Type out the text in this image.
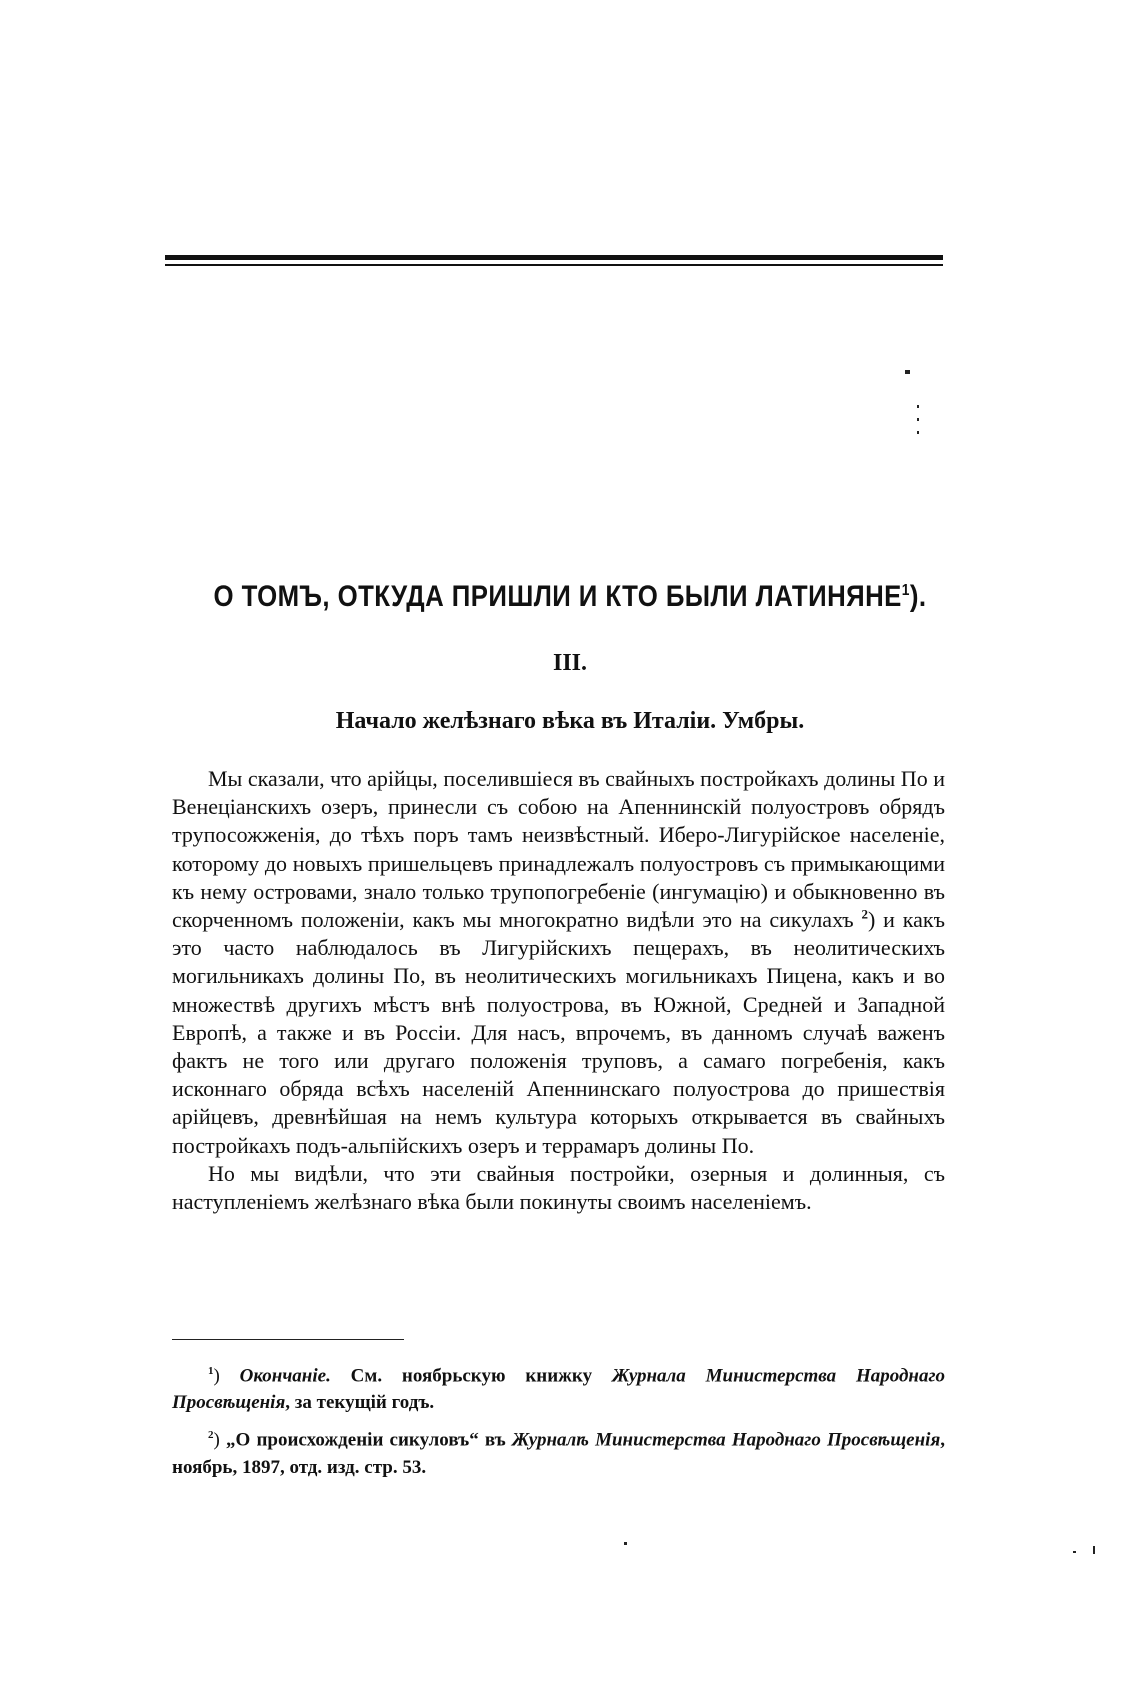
О ТОМЪ, ОТКУДА ПРИШЛИ И КТО БЫЛИ ЛАТИНЯНЕ$^1$).
III.
Начало желѣзнаго вѣка въ Италіи. Умбры.

Мы сказали, что арійцы, поселившіеся въ свайныхъ постройкахъ долины По и Венеціанскихъ озеръ, принесли съ собою на Апеннинскій полуостровъ обрядъ трупосожженія, до тѣхъ поръ тамъ неизвѣстный. Иберо-Лигурійское населеніе, которому до новыхъ пришельцевъ принадлежалъ полуостровъ съ примыкающими къ нему островами, знало только трупопогребеніе (ингумацію) и обыкновенно въ скорченномъ положеніи, какъ мы многократно видѣли это на сикулахъ $^2$) и какъ это часто наблюдалось въ Лигурійскихъ пещерахъ, въ неолитическихъ могильникахъ долины По, въ неолитическихъ могильникахъ Пицена, какъ и во множествѣ другихъ мѣстъ внѣ полуострова, въ Южной, Средней и Западной Европѣ, а также и въ Россіи. Для насъ, впрочемъ, въ данномъ случаѣ важенъ фактъ не того или другаго положенія труповъ, а самаго погребенія, какъ исконнаго обряда всѣхъ населеній Апеннинскаго полуострова до пришествія арійцевъ, древнѣйшая на немъ культура которыхъ открывается въ свайныхъ постройкахъ подъ-альпійскихъ озеръ и террамаръ долины По.

Но мы видѣли, что эти свайныя постройки, озерныя и долинныя, съ наступленіемъ желѣзнаго вѣка были покинуты своимъ населеніемъ.

$^1$) Окончаніе. См. ноябрьскую книжку Журнала Министерства Народнаго Просвѣщенія, за текущій годъ.

$^2$) „О происхожденіи сикуловъ“ въ Журналѣ Министерства Народнаго Просвѣщенія, ноябрь, 1897, отд. изд. стр. 53.
